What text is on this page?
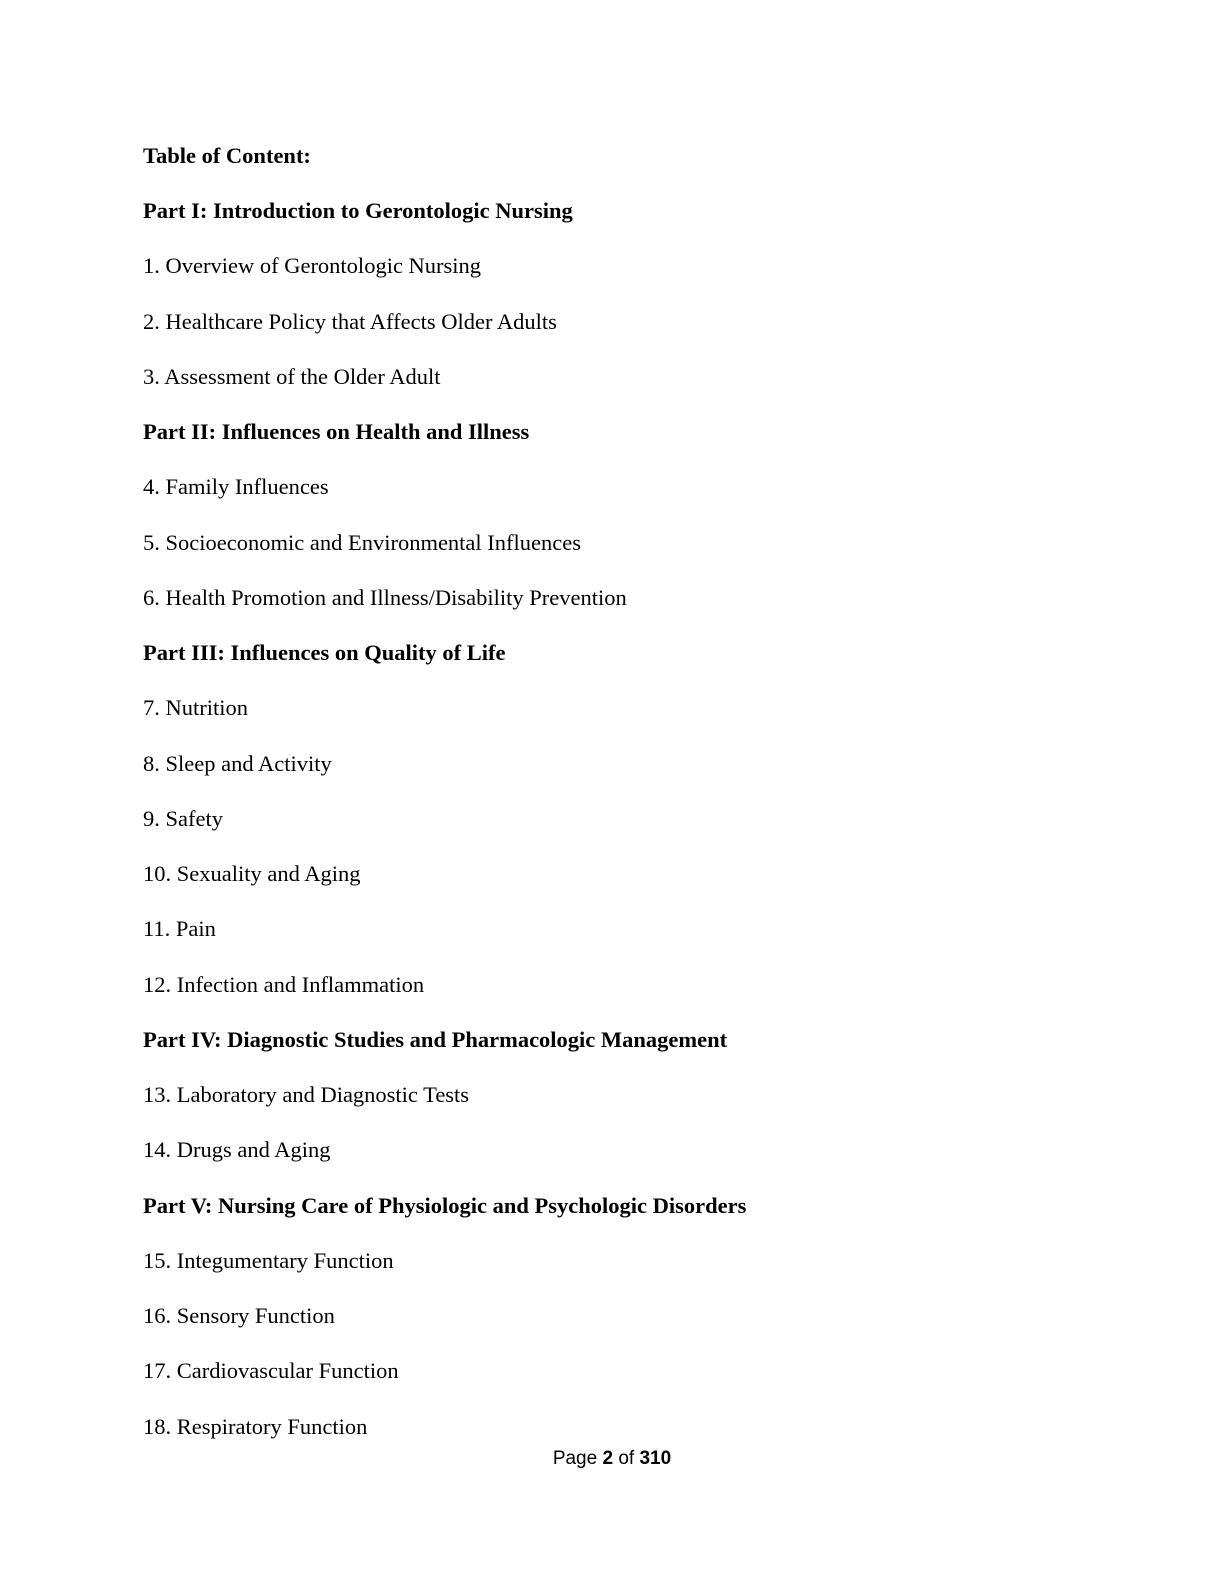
Table of Content:

Part I: Introduction to Gerontologic Nursing

1. Overview of Gerontologic Nursing

2. Healthcare Policy that Affects Older Adults

3. Assessment of the Older Adult

Part II: Influences on Health and Illness

4. Family Influences

5. Socioeconomic and Environmental Influences

6. Health Promotion and Illness/Disability Prevention

Part III: Influences on Quality of Life

7. Nutrition

8. Sleep and Activity

9. Safety

10. Sexuality and Aging

11. Pain

12. Infection and Inflammation

Part IV: Diagnostic Studies and Pharmacologic Management

13. Laboratory and Diagnostic Tests

14. Drugs and Aging

Part V: Nursing Care of Physiologic and Psychologic Disorders

15. Integumentary Function

16. Sensory Function

17. Cardiovascular Function

18. Respiratory Function

Page 2 of 310
